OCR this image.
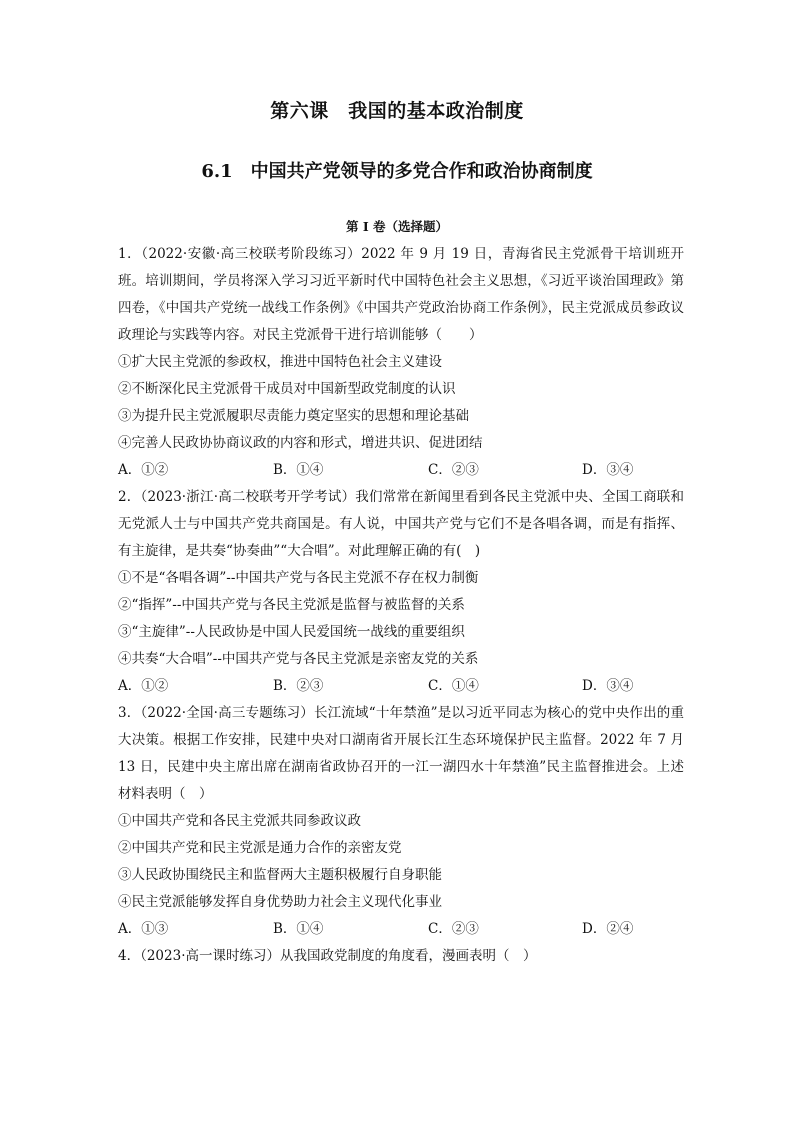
第六课　我国的基本政治制度
6.1　中国共产党领导的多党合作和政治协商制度
第 I 卷（选择题）
1．（2022·安徽·高三校联考阶段练习）2022 年 9 月 19 日，青海省民主党派骨干培训班开班。培训期间，学员将深入学习习近平新时代中国特色社会主义思想，《习近平谈治国理政》第四卷，《中国共产党统一战线工作条例》《中国共产党政治协商工作条例》，民主党派成员参政议政理论与实践等内容。对民主党派骨干进行培训能够（　　）
①扩大民主党派的参政权，推进中国特色社会主义建设
②不断深化民主党派骨干成员对中国新型政党制度的认识
③为提升民主党派履职尽责能力奠定坚实的思想和理论基础
④完善人民政协协商议政的内容和形式，增进共识、促进团结
A．①②	B．①④	C．②③	D．③④
2．（2023·浙江·高二校联考开学考试）我们常常在新闻里看到各民主党派中央、全国工商联和无党派人士与中国共产党共商国是。有人说，中国共产党与它们不是各唱各调，而是有指挥、有主旋律，是共奏“协奏曲”“大合唱”。对此理解正确的有(　)
①不是“各唱各调”--中国共产党与各民主党派不存在权力制衡
②“指挥”--中国共产党与各民主党派是监督与被监督的关系
③“主旋律”--人民政协是中国人民爱国统一战线的重要组织
④共奏“大合唱”--中国共产党与各民主党派是亲密友党的关系
A．①②	B．②③	C．①④	D．③④
3．（2022·全国·高三专题练习）长江流域“十年禁渔”是以习近平同志为核心的党中央作出的重大决策。根据工作安排，民建中央对口湖南省开展长江生态环境保护民主监督。2022 年 7 月 13 日，民建中央主席出席在湖南省政协召开的一江一湖四水十年禁渔”民主监督推进会。上述材料表明（　）
①中国共产党和各民主党派共同参政议政
②中国共产党和民主党派是通力合作的亲密友党
③人民政协围绕民主和监督两大主题积极履行自身职能
④民主党派能够发挥自身优势助力社会主义现代化事业
A．①③	B．①④	C．②③	D．②④
4．（2023·高一课时练习）从我国政党制度的角度看，漫画表明（　）
